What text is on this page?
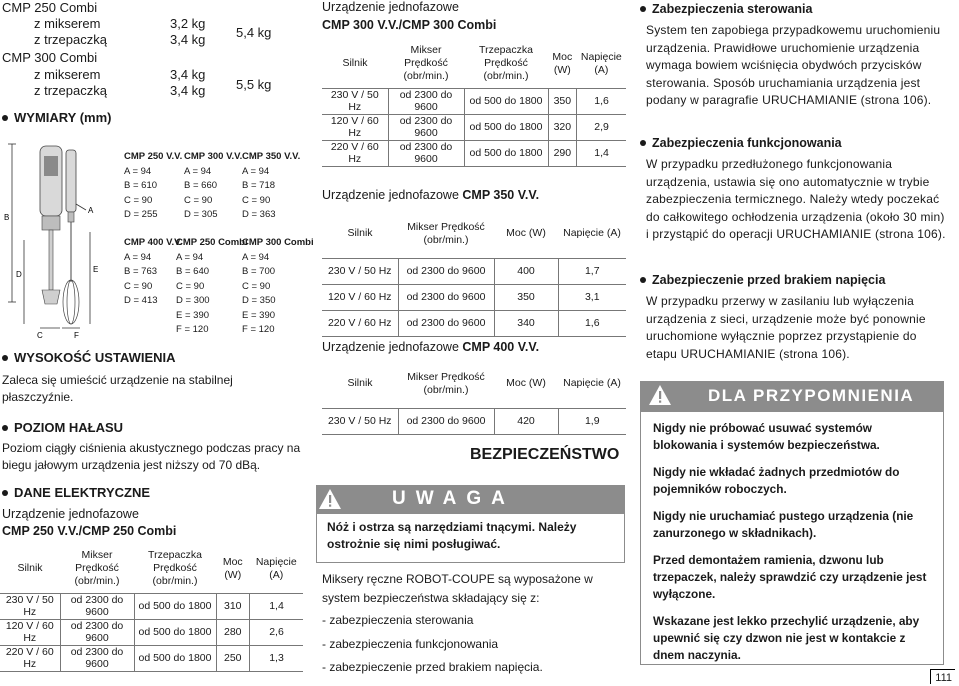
CMP 250 Combi
z mikserem	3,2 kg
z trzepaczką	3,4 kg 5,4 kg
CMP 300 Combi
z mikserem	3,4 kg
z trzepaczką	3,4 kg 5,5 kg
WYMIARY (mm)
B
D
A
E
C	F
CMP 250 V.V.
A = 94
B = 610
C = 90
D = 255
CMP 300 V.V.
A = 94
B = 660
C = 90
D = 305
CMP 350 V.V.
A = 94
B = 718
C = 90
D = 363
CMP 400 V.V.
A = 94
B = 763
C = 90
D = 413
CMP 250 Combi
A = 94
B = 640
C = 90
D = 300
E = 390
F = 120
CMP 300 Combi
A = 94
B = 700
C = 90
D = 350
E = 390
F = 120
WYSOKOŚĆ USTAWIENIA
Zaleca się umieścić urządzenie na stabilnej płaszczyźnie.
POZIOM HAŁASU
Poziom ciągły ciśnienia akustycznego podczas pracy na biegu jałowym urządzenia jest niższy od 70 dBą.
DANE ELEKTRYCZNE
Urządzenie jednofazowe
CMP 250 V.V./CMP 250 Combi
Silnik	Mikser Prędkość (obr/min.)	Trzepaczka Prędkość (obr/min.)	Moc (W)	Napięcie (A)
230 V / 50 Hz	od 2300 do 9600	od 500 do 1800	310	1,4
120 V / 60 Hz	od 2300 do 9600	od 500 do 1800	280	2,6
220 V / 60 Hz	od 2300 do 9600	od 500 do 1800	250	1,3
Urządzenie jednofazowe
CMP 300 V.V./CMP 300 Combi
Silnik	Mikser Prędkość (obr/min.)	Trzepaczka Prędkość (obr/min.)	Moc (W)	Napięcie (A)
230 V / 50 Hz	od 2300 do 9600	od 500 do 1800	350	1,6
120 V / 60 Hz	od 2300 do 9600	od 500 do 1800	320	2,9
220 V / 60 Hz	od 2300 do 9600	od 500 do 1800	290	1,4
Urządzenie jednofazowe CMP 350 V.V.
Silnik	Mikser Prędkość (obr/min.)	Moc (W)	Napięcie (A)
230 V / 50 Hz	od 2300 do 9600	400	1,7
120 V / 60 Hz	od 2300 do 9600	350	3,1
220 V / 60 Hz	od 2300 do 9600	340	1,6
Urządzenie jednofazowe CMP 400 V.V.
Silnik	Mikser Prędkość (obr/min.)	Moc (W)	Napięcie (A)
230 V / 50 Hz	od 2300 do 9600	420	1,9
BEZPIECZEŃSTWO
UWAGA
Nóż i ostrza są narzędziami tnącymi. Należy ostrożnie się nimi posługiwać.
Miksery ręczne ROBOT-COUPE są wyposażone w system bezpieczeństwa składający się z:
- zabezpieczenia sterowania
- zabezpieczenia funkcjonowania
- zabezpieczenie przed brakiem napięcia.
Zabezpieczenia sterowania
System ten zapobiega przypadkowemu uruchomieniu urządzenia. Prawidłowe uruchomienie urządzenia wymaga bowiem wciśnięcia obydwóch przycisków sterowania. Sposób uruchamiania urządzenia jest podany w paragrafie URUCHAMIANIE (strona 106).
Zabezpieczenia funkcjonowania
W przypadku przedłużonego funkcjonowania urządzenia, ustawia się ono automatycznie w trybie zabezpieczenia termicznego. Należy wtedy poczekać do całkowitego ochłodzenia urządzenia (około 30 min) i przystąpić do operacji URUCHAMIANIE (strona 106).
Zabezpieczenie przed brakiem napięcia
W przypadku przerwy w zasilaniu lub wyłączenia urządzenia z sieci, urządzenie może być ponownie uruchomione wyłącznie poprzez przystąpienie do etapu URUCHAMIANIE (strona 106).
DLA PRZYPOMNIENIA

Nigdy nie próbować usuwać systemów blokowania i systemów bezpieczeństwa.

Nigdy nie wkładać żadnych przedmiotów do pojemników roboczych.

Nigdy nie uruchamiać pustego urządzenia (nie zanurzonego w składnikach).

Przed demontażem ramienia, dzwonu lub trzepaczek, należy sprawdzić czy urządzenie jest wyłączone.

Wskazane jest lekko przechylić urządzenie, aby upewnić się czy dzwon nie jest w kontakcie z dnem naczynia.

111
